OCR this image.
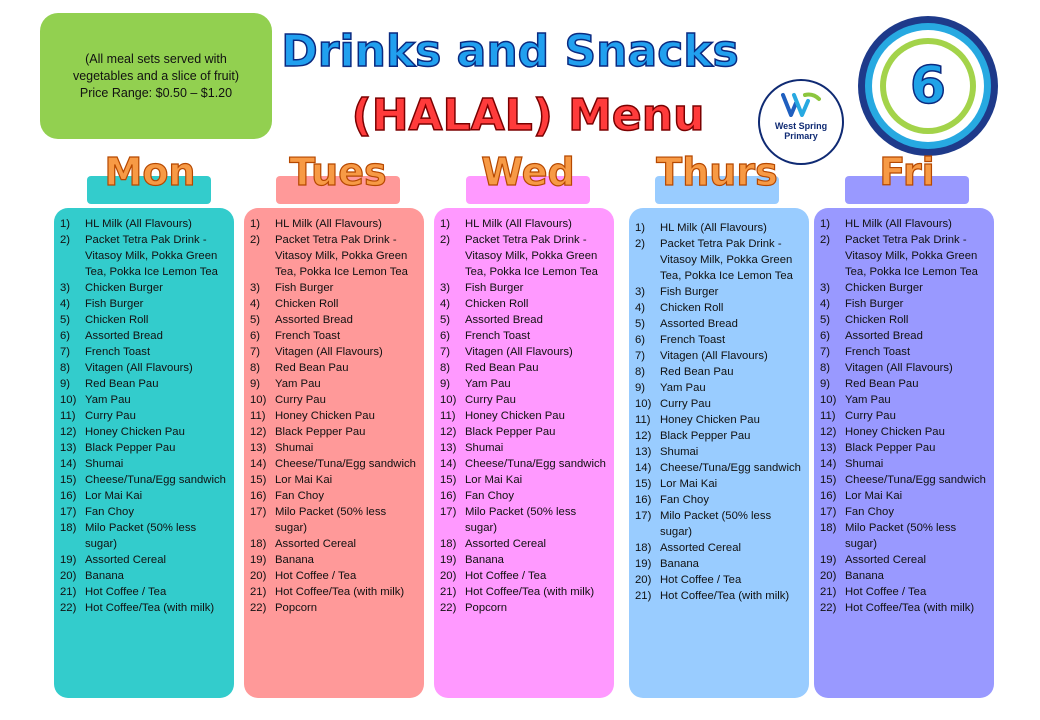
(All meal sets served with
vegetables and a slice of fruit)
Price Range: $0.50 – $1.20
Drinks and Snacks
(HALAL) Menu	West Spring
Primary
6
Mon	Tues	Wed	Thurs	Fri
1)	HL Milk (All Flavours)
2)	Packet Tetra Pak Drink - Vitasoy Milk, Pokka Green Tea, Pokka Ice Lemon Tea
3)	Chicken Burger
4)	Fish Burger
5)	Chicken Roll
6)	Assorted Bread
7)	French Toast
8)	Vitagen (All Flavours)
9)	Red Bean Pau
10) Yam Pau
11) Curry Pau
12) Honey Chicken Pau
13) Black Pepper Pau
14) Shumai
15) Cheese/Tuna/Egg sandwich
16) Lor Mai Kai
17) Fan Choy
18) Milo Packet (50% less sugar)
19) Assorted Cereal
20) Banana
21) Hot Coffee / Tea
22) Hot Coffee/Tea (with milk)
1)	HL Milk (All Flavours)
2)	Packet Tetra Pak Drink - Vitasoy Milk, Pokka Green Tea, Pokka Ice Lemon Tea
3)	Fish Burger
4)	Chicken Roll
5)	Assorted Bread
6)	French Toast
7)	Vitagen (All Flavours)
8)	Red Bean Pau
9)	Yam Pau
10) Curry Pau
11) Honey Chicken Pau
12) Black Pepper Pau
13) Shumai
14) Cheese/Tuna/Egg sandwich
15) Lor Mai Kai
16) Fan Choy
17) Milo Packet (50% less sugar)
18) Assorted Cereal
19) Banana
20) Hot Coffee / Tea
21) Hot Coffee/Tea (with milk)
22) Popcorn
1)	HL Milk (All Flavours)
2)	Packet Tetra Pak Drink - Vitasoy Milk, Pokka Green Tea, Pokka Ice Lemon Tea
3)	Fish Burger
4)	Chicken Roll
5)	Assorted Bread
6)	French Toast
7)	Vitagen (All Flavours)
8)	Red Bean Pau
9)	Yam Pau
10) Curry Pau
11) Honey Chicken Pau
12) Black Pepper Pau
13) Shumai
14) Cheese/Tuna/Egg sandwich
15) Lor Mai Kai
16) Fan Choy
17) Milo Packet (50% less sugar)
18) Assorted Cereal
19) Banana
20) Hot Coffee / Tea
21) Hot Coffee/Tea (with milk)
22) Popcorn
1)	HL Milk (All Flavours)
2)	Packet Tetra Pak Drink - Vitasoy Milk, Pokka Green Tea, Pokka Ice Lemon Tea
3)	Fish Burger
4)	Chicken Roll
5)	Assorted Bread
6)	French Toast
7)	Vitagen (All Flavours)
8)	Red Bean Pau
9)	Yam Pau
10) Curry Pau
11) Honey Chicken Pau
12) Black Pepper Pau
13) Shumai
14) Cheese/Tuna/Egg sandwich
15) Lor Mai Kai
16) Fan Choy
17) Milo Packet (50% less sugar)
18) Assorted Cereal
19) Banana
20) Hot Coffee / Tea
21) Hot Coffee/Tea (with milk)
1)	HL Milk (All Flavours)
2)	Packet Tetra Pak Drink - Vitasoy Milk, Pokka Green Tea, Pokka Ice Lemon Tea
3)	Chicken Burger
4)	Fish Burger
5)	Chicken Roll
6)	Assorted Bread
7)	French Toast
8)	Vitagen (All Flavours)
9)	Red Bean Pau
10) Yam Pau
11) Curry Pau
12) Honey Chicken Pau
13) Black Pepper Pau
14) Shumai
15) Cheese/Tuna/Egg sandwich
16) Lor Mai Kai
17) Fan Choy
18) Milo Packet (50% less sugar)
19) Assorted Cereal
20) Banana
21) Hot Coffee / Tea
22) Hot Coffee/Tea (with milk)
